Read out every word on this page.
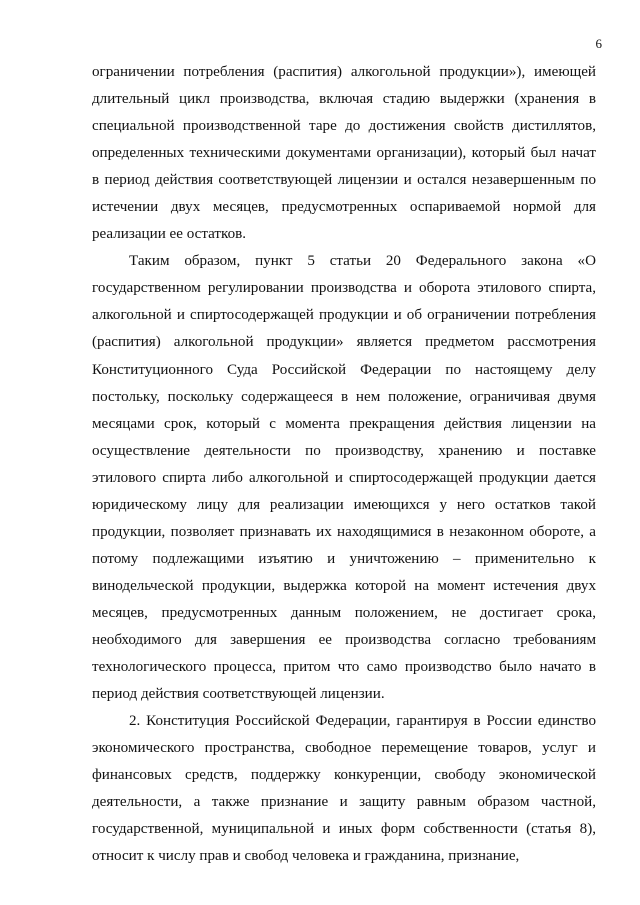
6

ограничении потребления (распития) алкогольной продукции»), имеющей длительный цикл производства, включая стадию выдержки (хранения в специальной производственной таре до достижения свойств дистиллятов, определенных техническими документами организации), который был начат в период действия соответствующей лицензии и остался незавершенным по истечении двух месяцев, предусмотренных оспариваемой нормой для реализации ее остатков.

Таким образом, пункт 5 статьи 20 Федерального закона «О государственном регулировании производства и оборота этилового спирта, алкогольной и спиртосодержащей продукции и об ограничении потребления (распития) алкогольной продукции» является предметом рассмотрения Конституционного Суда Российской Федерации по настоящему делу постольку, поскольку содержащееся в нем положение, ограничивая двумя месяцами срок, который с момента прекращения действия лицензии на осуществление деятельности по производству, хранению и поставке этилового спирта либо алкогольной и спиртосодержащей продукции дается юридическому лицу для реализации имеющихся у него остатков такой продукции, позволяет признавать их находящимися в незаконном обороте, а потому подлежащими изъятию и уничтожению – применительно к винодельческой продукции, выдержка которой на момент истечения двух месяцев, предусмотренных данным положением, не достигает срока, необходимого для завершения ее производства согласно требованиям технологического процесса, притом что само производство было начато в период действия соответствующей лицензии.

2. Конституция Российской Федерации, гарантируя в России единство экономического пространства, свободное перемещение товаров, услуг и финансовых средств, поддержку конкуренции, свободу экономической деятельности, а также признание и защиту равным образом частной, государственной, муниципальной и иных форм собственности (статья 8), относит к числу прав и свобод человека и гражданина, признание,
